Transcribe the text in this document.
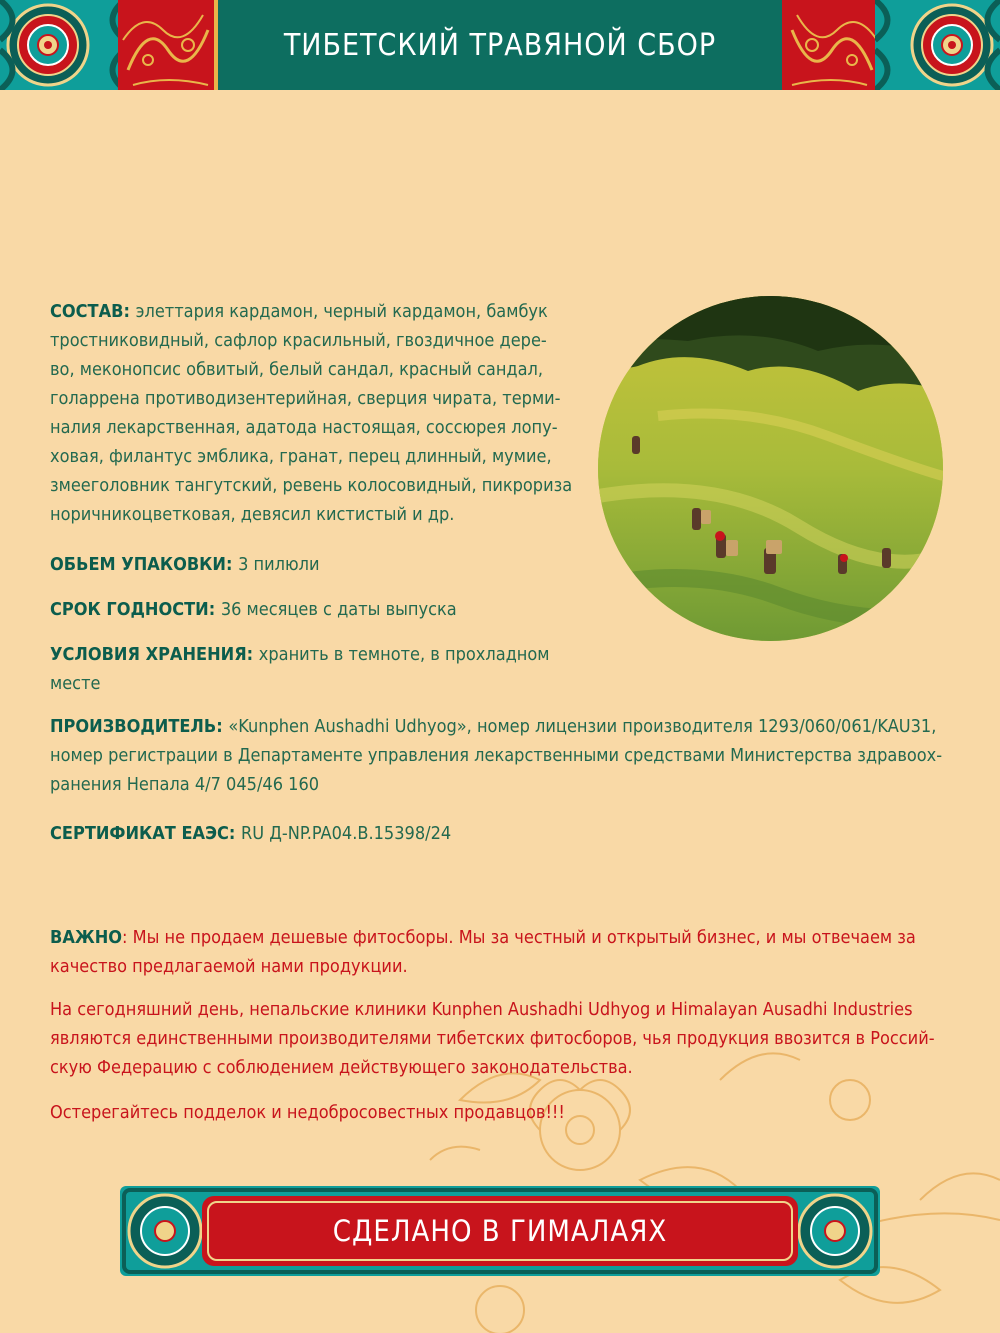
ТИБЕТСКИЙ ТРАВЯНОЙ СБОР
СОСТАВ: элеттария кардамон, черный кардамон, бамбук
тростниковидный, сафлор красильный, гвоздичное дере-
во, меконопсис обвитый, белый сандал, красный сандал,
голаррена противодизентерийная, сверция чирата, терми-
налия лекарственная, адатода настоящая, соссюрея лопу-
ховая, филантус эмблика, гранат, перец длинный, мумие,
змееголовник тангутский, ревень колосовидный, пикрориза
норичникоцветковая, девясил кистистый и др.
ОБЬЕМ УПАКОВКИ: 3 пилюли
СРОК ГОДНОСТИ: 36 месяцев с даты выпуска
УСЛОВИЯ ХРАНЕНИЯ: хранить в темноте, в прохладном
месте
ПРОИЗВОДИТЕЛЬ: «Kunphen Aushadhi Udhyog», номер лицензии производителя 1293/060/061/KAU31,
номер регистрации в Департаменте управления лекарственными средствами Министерства здравоох-
ранения Непала 4/7 045/46 160
СЕРТИФИКАТ ЕАЭС: RU Д-NP.PA04.B.15398/24
ВАЖНО: Мы не продаем дешевые фитосборы. Мы за честный и открытый бизнес, и мы отвечаем за
качество предлагаемой нами продукции.
На сегодняшний день, непальские клиники Kunphen Aushadhi Udhyog и Himalayan Ausadhi Industries
являются единственными производителями тибетских фитосборов, чья продукция ввозится в Россий-
скую Федерацию с соблюдением действующего законодательства.
Остерегайтесь подделок и недобросовестных продавцов!!!
СДЕЛАНО В ГИМАЛАЯХ
